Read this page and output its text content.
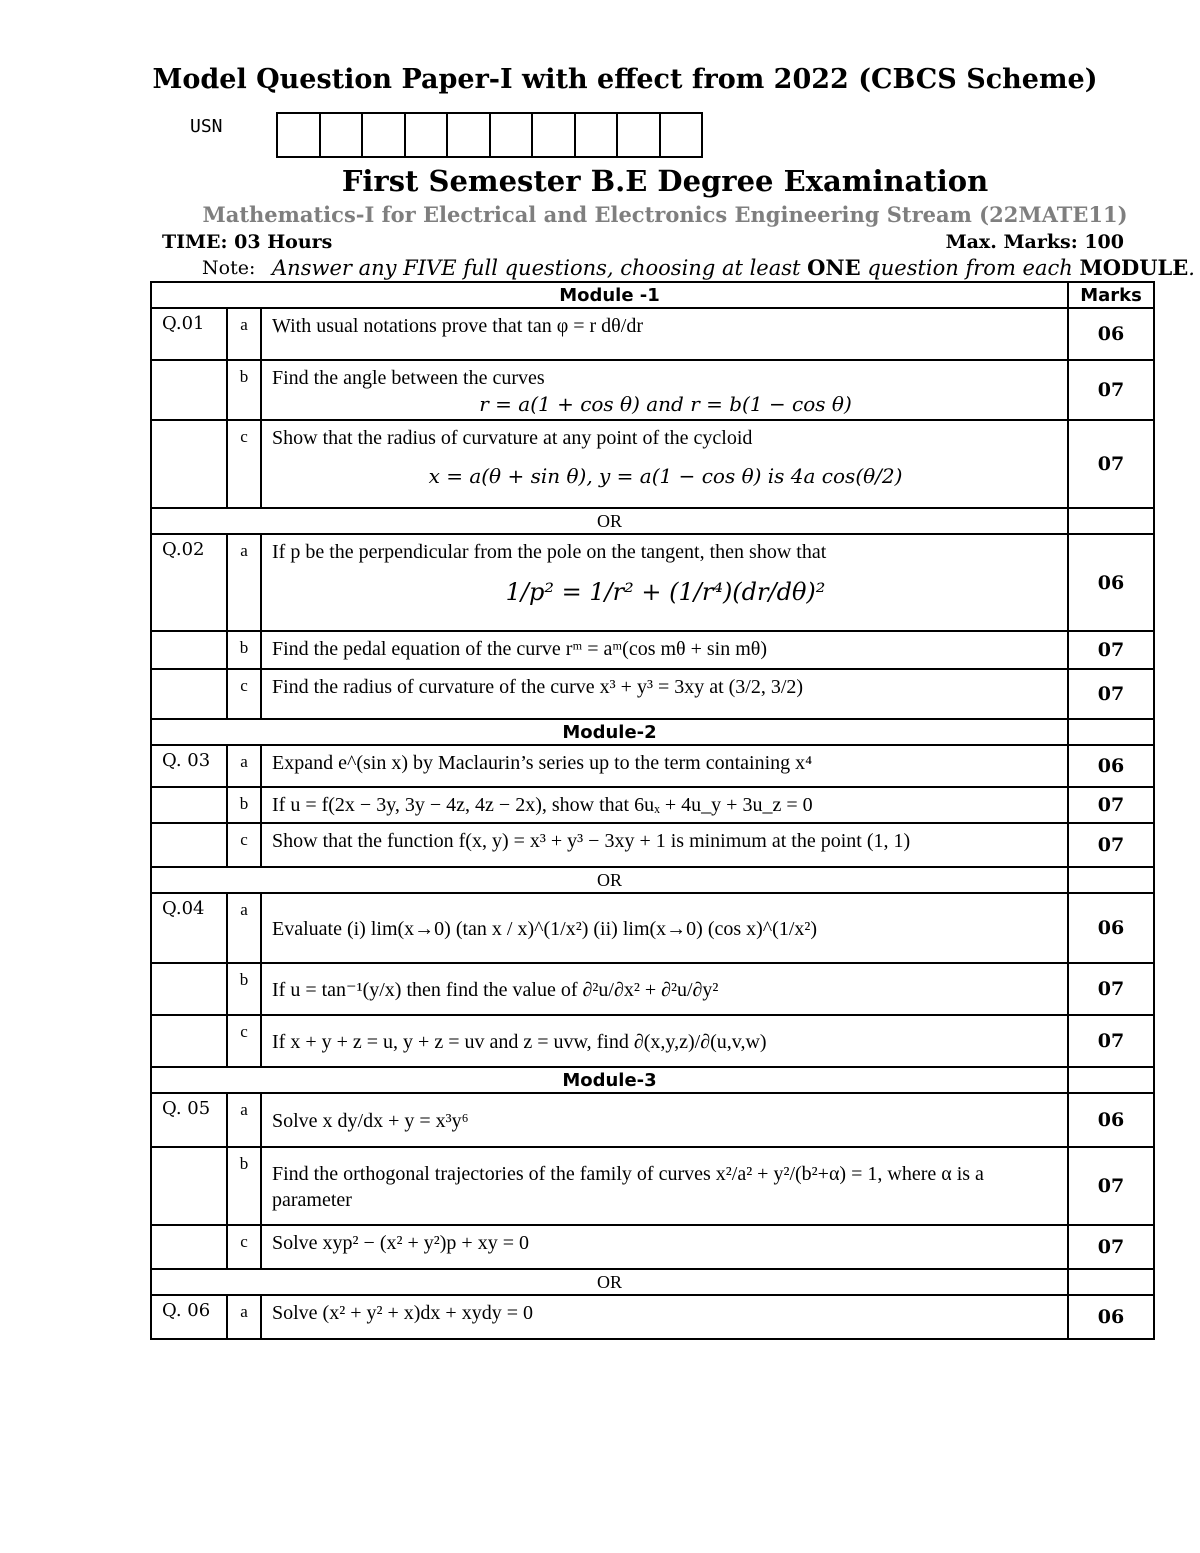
Model Question Paper-I with effect from 2022 (CBCS Scheme)
USN
First Semester B.E Degree Examination
Mathematics-I for Electrical and Electronics Engineering Stream (22MATE11)
TIME: 03 Hours	Max. Marks: 100
Note: Answer any FIVE full questions, choosing at least ONE question from each MODULE.
Module -1			Marks
Q.01	a	With usual notations prove that tan φ = r dθ/dr	06
	b	Find the angle between the curves
r = a(1 + cos θ) and r = b(1 − cos θ)	07
	c	Show that the radius of curvature at any point of the cycloid
x = a(θ + sin θ), y = a(1 − cos θ) is 4a cos(θ/2)	07
OR			
Q.02	a	If p be the perpendicular from the pole on the tangent, then show that
1/p² = 1/r² + (1/r⁴)(dr/dθ)²	06
	b	Find the pedal equation of the curve rᵐ = aᵐ(cos mθ + sin mθ)	07
	c	Find the radius of curvature of the curve x³ + y³ = 3xy at (3/2, 3/2)	07
Module-2			
Q. 03	a	Expand e^(sin x) by Maclaurin’s series up to the term containing x⁴	06
	b	If u = f(2x − 3y, 3y − 4z, 4z − 2x), show that 6uₓ + 4u_y + 3u_z = 0	07
	c	Show that the function f(x, y) = x³ + y³ − 3xy + 1 is minimum at the point (1, 1)	07
OR			
Q.04	a	Evaluate (i) lim(x→0) (tan x / x)^(1/x²) (ii) lim(x→0) (cos x)^(1/x²)	06
	b	If u = tan⁻¹(y/x) then find the value of ∂²u/∂x² + ∂²u/∂y²	07
	c	If x + y + z = u, y + z = uv and z = uvw, find ∂(x,y,z)/∂(u,v,w)	07
Module-3			
Q. 05	a	Solve x dy/dx + y = x³y⁶	06
	b	Find the orthogonal trajectories of the family of curves x²/a² + y²/(b²+α) = 1, where α is a parameter	07
	c	Solve xyp² − (x² + y²)p + xy = 0	07
OR			
Q. 06	a	Solve (x² + y² + x)dx + xydy = 0	06
